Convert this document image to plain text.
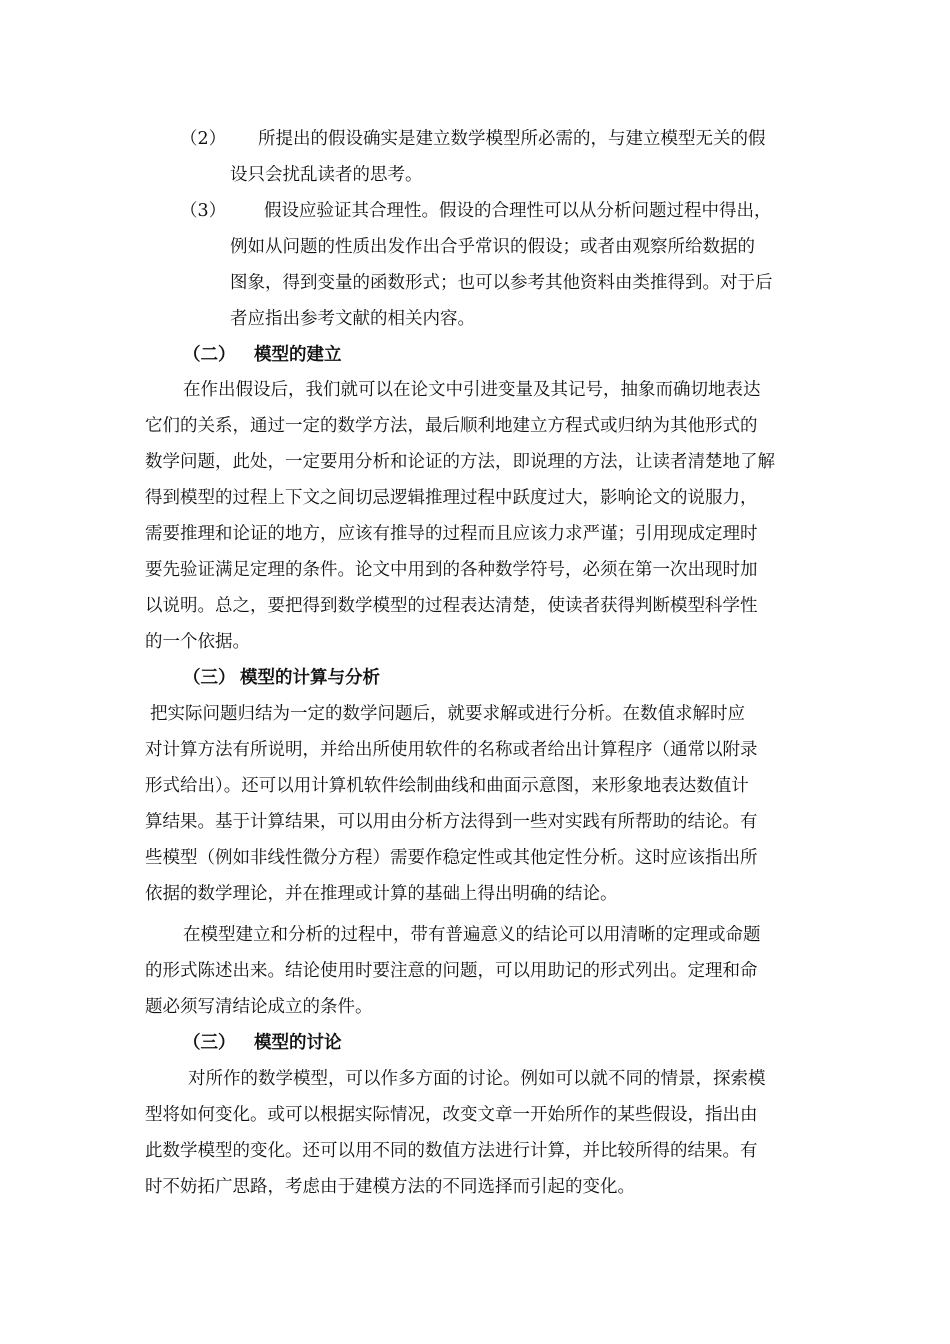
（2） 所提出的假设确实是建立数学模型所必需的，与建立模型无关的假
设只会扰乱读者的思考。
（3） 假设应验证其合理性。假设的合理性可以从分析问题过程中得出，
例如从问题的性质出发作出合乎常识的假设；或者由观察所给数据的
图象，得到变量的函数形式；也可以参考其他资料由类推得到。对于后
者应指出参考文献的相关内容。
（二） 模型的建立
在作出假设后，我们就可以在论文中引进变量及其记号，抽象而确切地表达
它们的关系，通过一定的数学方法，最后顺利地建立方程式或归纳为其他形式的
数学问题，此处，一定要用分析和论证的方法，即说理的方法，让读者清楚地了解
得到模型的过程上下文之间切忌逻辑推理过程中跃度过大，影响论文的说服力，
需要推理和论证的地方，应该有推导的过程而且应该力求严谨；引用现成定理时
要先验证满足定理的条件。论文中用到的各种数学符号，必须在第一次出现时加
以说明。总之，要把得到数学模型的过程表达清楚，使读者获得判断模型科学性
的一个依据。
（三） 模型的计算与分析
把实际问题归结为一定的数学问题后，就要求解或进行分析。在数值求解时应
对计算方法有所说明，并给出所使用软件的名称或者给出计算程序（通常以附录
形式给出）。还可以用计算机软件绘制曲线和曲面示意图，来形象地表达数值计
算结果。基于计算结果，可以用由分析方法得到一些对实践有所帮助的结论。有
些模型（例如非线性微分方程）需要作稳定性或其他定性分析。这时应该指出所
依据的数学理论，并在推理或计算的基础上得出明确的结论。
在模型建立和分析的过程中，带有普遍意义的结论可以用清晰的定理或命题
的形式陈述出来。结论使用时要注意的问题，可以用助记的形式列出。定理和命
题必须写清结论成立的条件。
（三） 模型的讨论
对所作的数学模型，可以作多方面的讨论。例如可以就不同的情景，探索模
型将如何变化。或可以根据实际情况，改变文章一开始所作的某些假设，指出由
此数学模型的变化。还可以用不同的数值方法进行计算，并比较所得的结果。有
时不妨拓广思路，考虑由于建模方法的不同选择而引起的变化。
